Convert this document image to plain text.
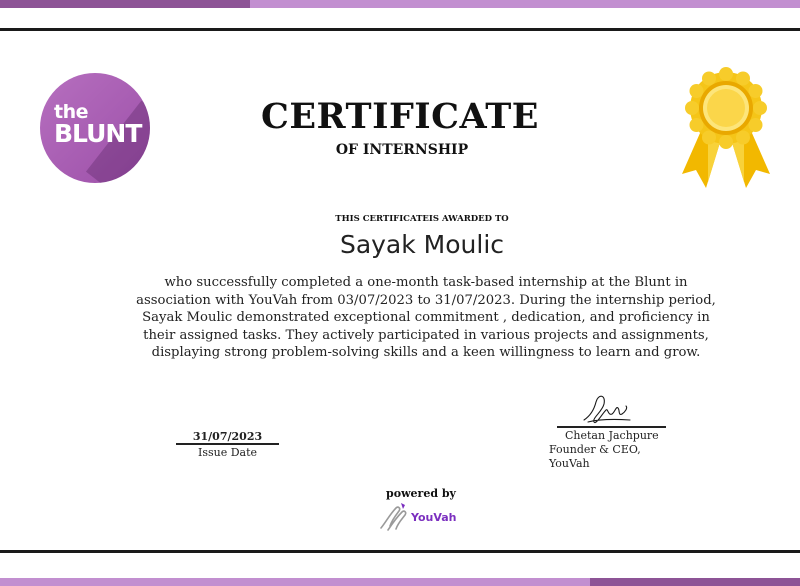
the
BLUNT	CERTIFICATE
OF INTERNSHIP
THIS CERTIFICATEIS AWARDED TO
Sayak Moulic
who successfully completed a one-month task-based internship at the Blunt in
association with YouVah from 03/07/2023 to 31/07/2023. During the internship period,
Sayak Moulic demonstrated exceptional commitment , dedication, and proficiency in
their assigned tasks. They actively participated in various projects and assignments,
displaying strong problem-solving skills and a keen willingness to learn and grow.
31/07/2023
Issue Date
Chetan Jachpure
Founder & CEO,
YouVah
powered by
YouVah
